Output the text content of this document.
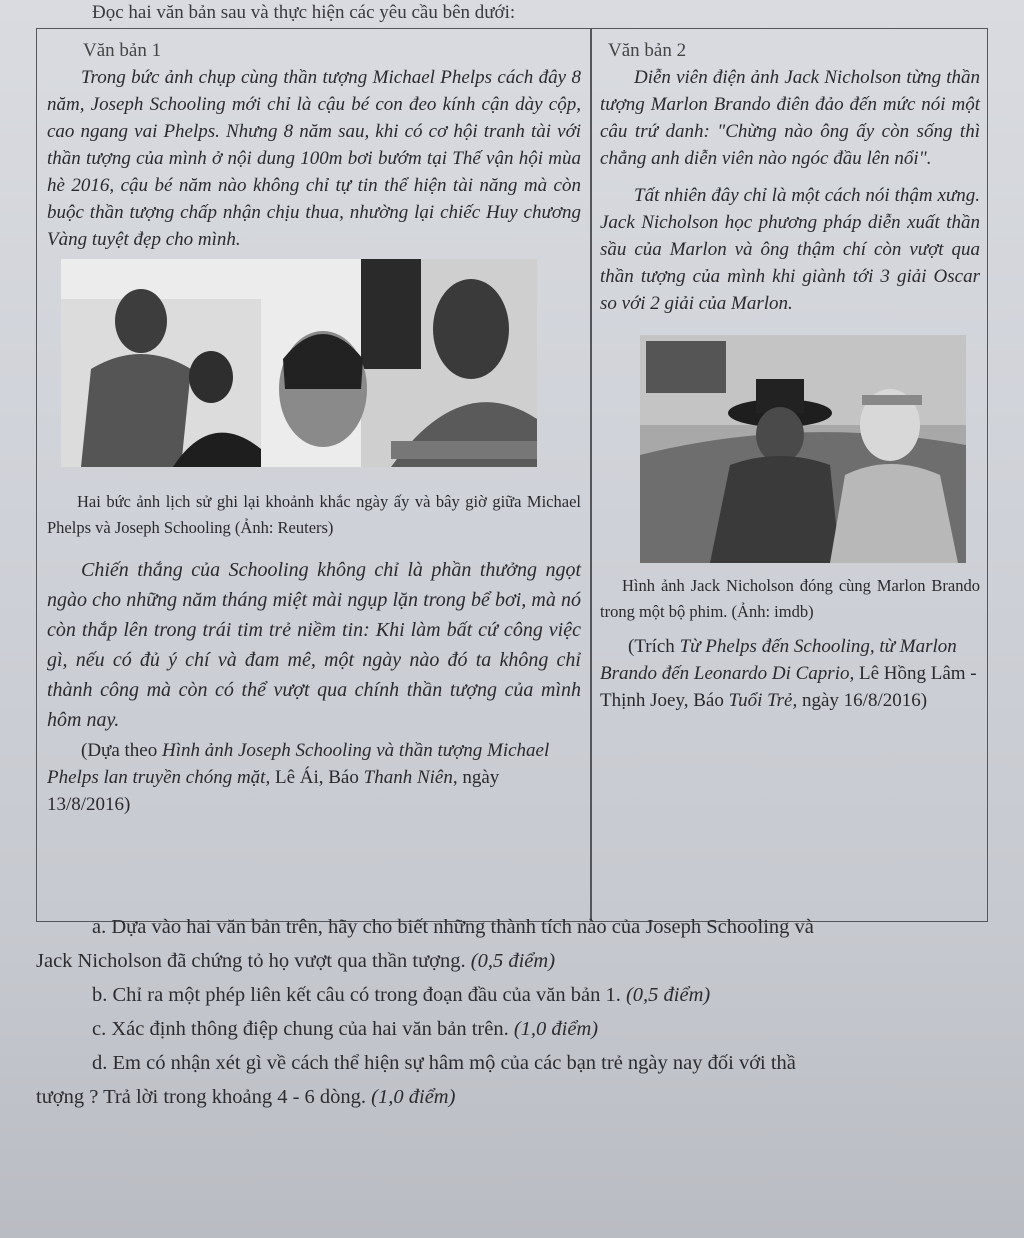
Đọc hai văn bản sau và thực hiện các yêu cầu bên dưới:
Văn bản 1

Trong bức ảnh chụp cùng thần tượng Michael Phelps cách đây 8 năm, Joseph Schooling mới chỉ là cậu bé con đeo kính cận dày cộp, cao ngang vai Phelps. Nhưng 8 năm sau, khi có cơ hội tranh tài với thần tượng của mình ở nội dung 100m bơi bướm tại Thế vận hội mùa hè 2016, cậu bé năm nào không chỉ tự tin thể hiện tài năng mà còn buộc thần tượng chấp nhận chịu thua, nhường lại chiếc Huy chương Vàng tuyệt đẹp cho mình.

Hai bức ảnh lịch sử ghi lại khoảnh khắc ngày ấy và bây giờ giữa Michael Phelps và Joseph Schooling (Ảnh: Reuters)

Chiến thắng của Schooling không chỉ là phần thưởng ngọt ngào cho những năm tháng miệt mài ngụp lặn trong bể bơi, mà nó còn thắp lên trong trái tim trẻ niềm tin: Khi làm bất cứ công việc gì, nếu có đủ ý chí và đam mê, một ngày nào đó ta không chỉ thành công mà còn có thể vượt qua chính thần tượng của mình hôm nay.

(Dựa theo Hình ảnh Joseph Schooling và thần tượng Michael Phelps lan truyền chóng mặt, Lê Ái, Báo Thanh Niên, ngày 13/8/2016)

Văn bản 2

Diễn viên điện ảnh Jack Nicholson từng thần tượng Marlon Brando điên đảo đến mức nói một câu trứ danh: "Chừng nào ông ấy còn sống thì chẳng anh diễn viên nào ngóc đầu lên nổi".

Tất nhiên đây chỉ là một cách nói thậm xưng. Jack Nicholson học phương pháp diễn xuất thần sầu của Marlon và ông thậm chí còn vượt qua thần tượng của mình khi giành tới 3 giải Oscar so với 2 giải của Marlon.

Hình ảnh Jack Nicholson đóng cùng Marlon Brando trong một bộ phim. (Ảnh: imdb)

(Trích Từ Phelps đến Schooling, từ Marlon Brando đến Leonardo Di Caprio, Lê Hồng Lâm - Thịnh Joey, Báo Tuổi Trẻ, ngày 16/8/2016)

a. Dựa vào hai văn bản trên, hãy cho biết những thành tích nào của Joseph Schooling và
Jack Nicholson đã chứng tỏ họ vượt qua thần tượng. (0,5 điểm)
b. Chỉ ra một phép liên kết câu có trong đoạn đầu của văn bản 1. (0,5 điểm)
c. Xác định thông điệp chung của hai văn bản trên. (1,0 điểm)
d. Em có nhận xét gì về cách thể hiện sự hâm mộ của các bạn trẻ ngày nay đối với thầ
tượng ? Trả lời trong khoảng 4 - 6 dòng. (1,0 điểm)
